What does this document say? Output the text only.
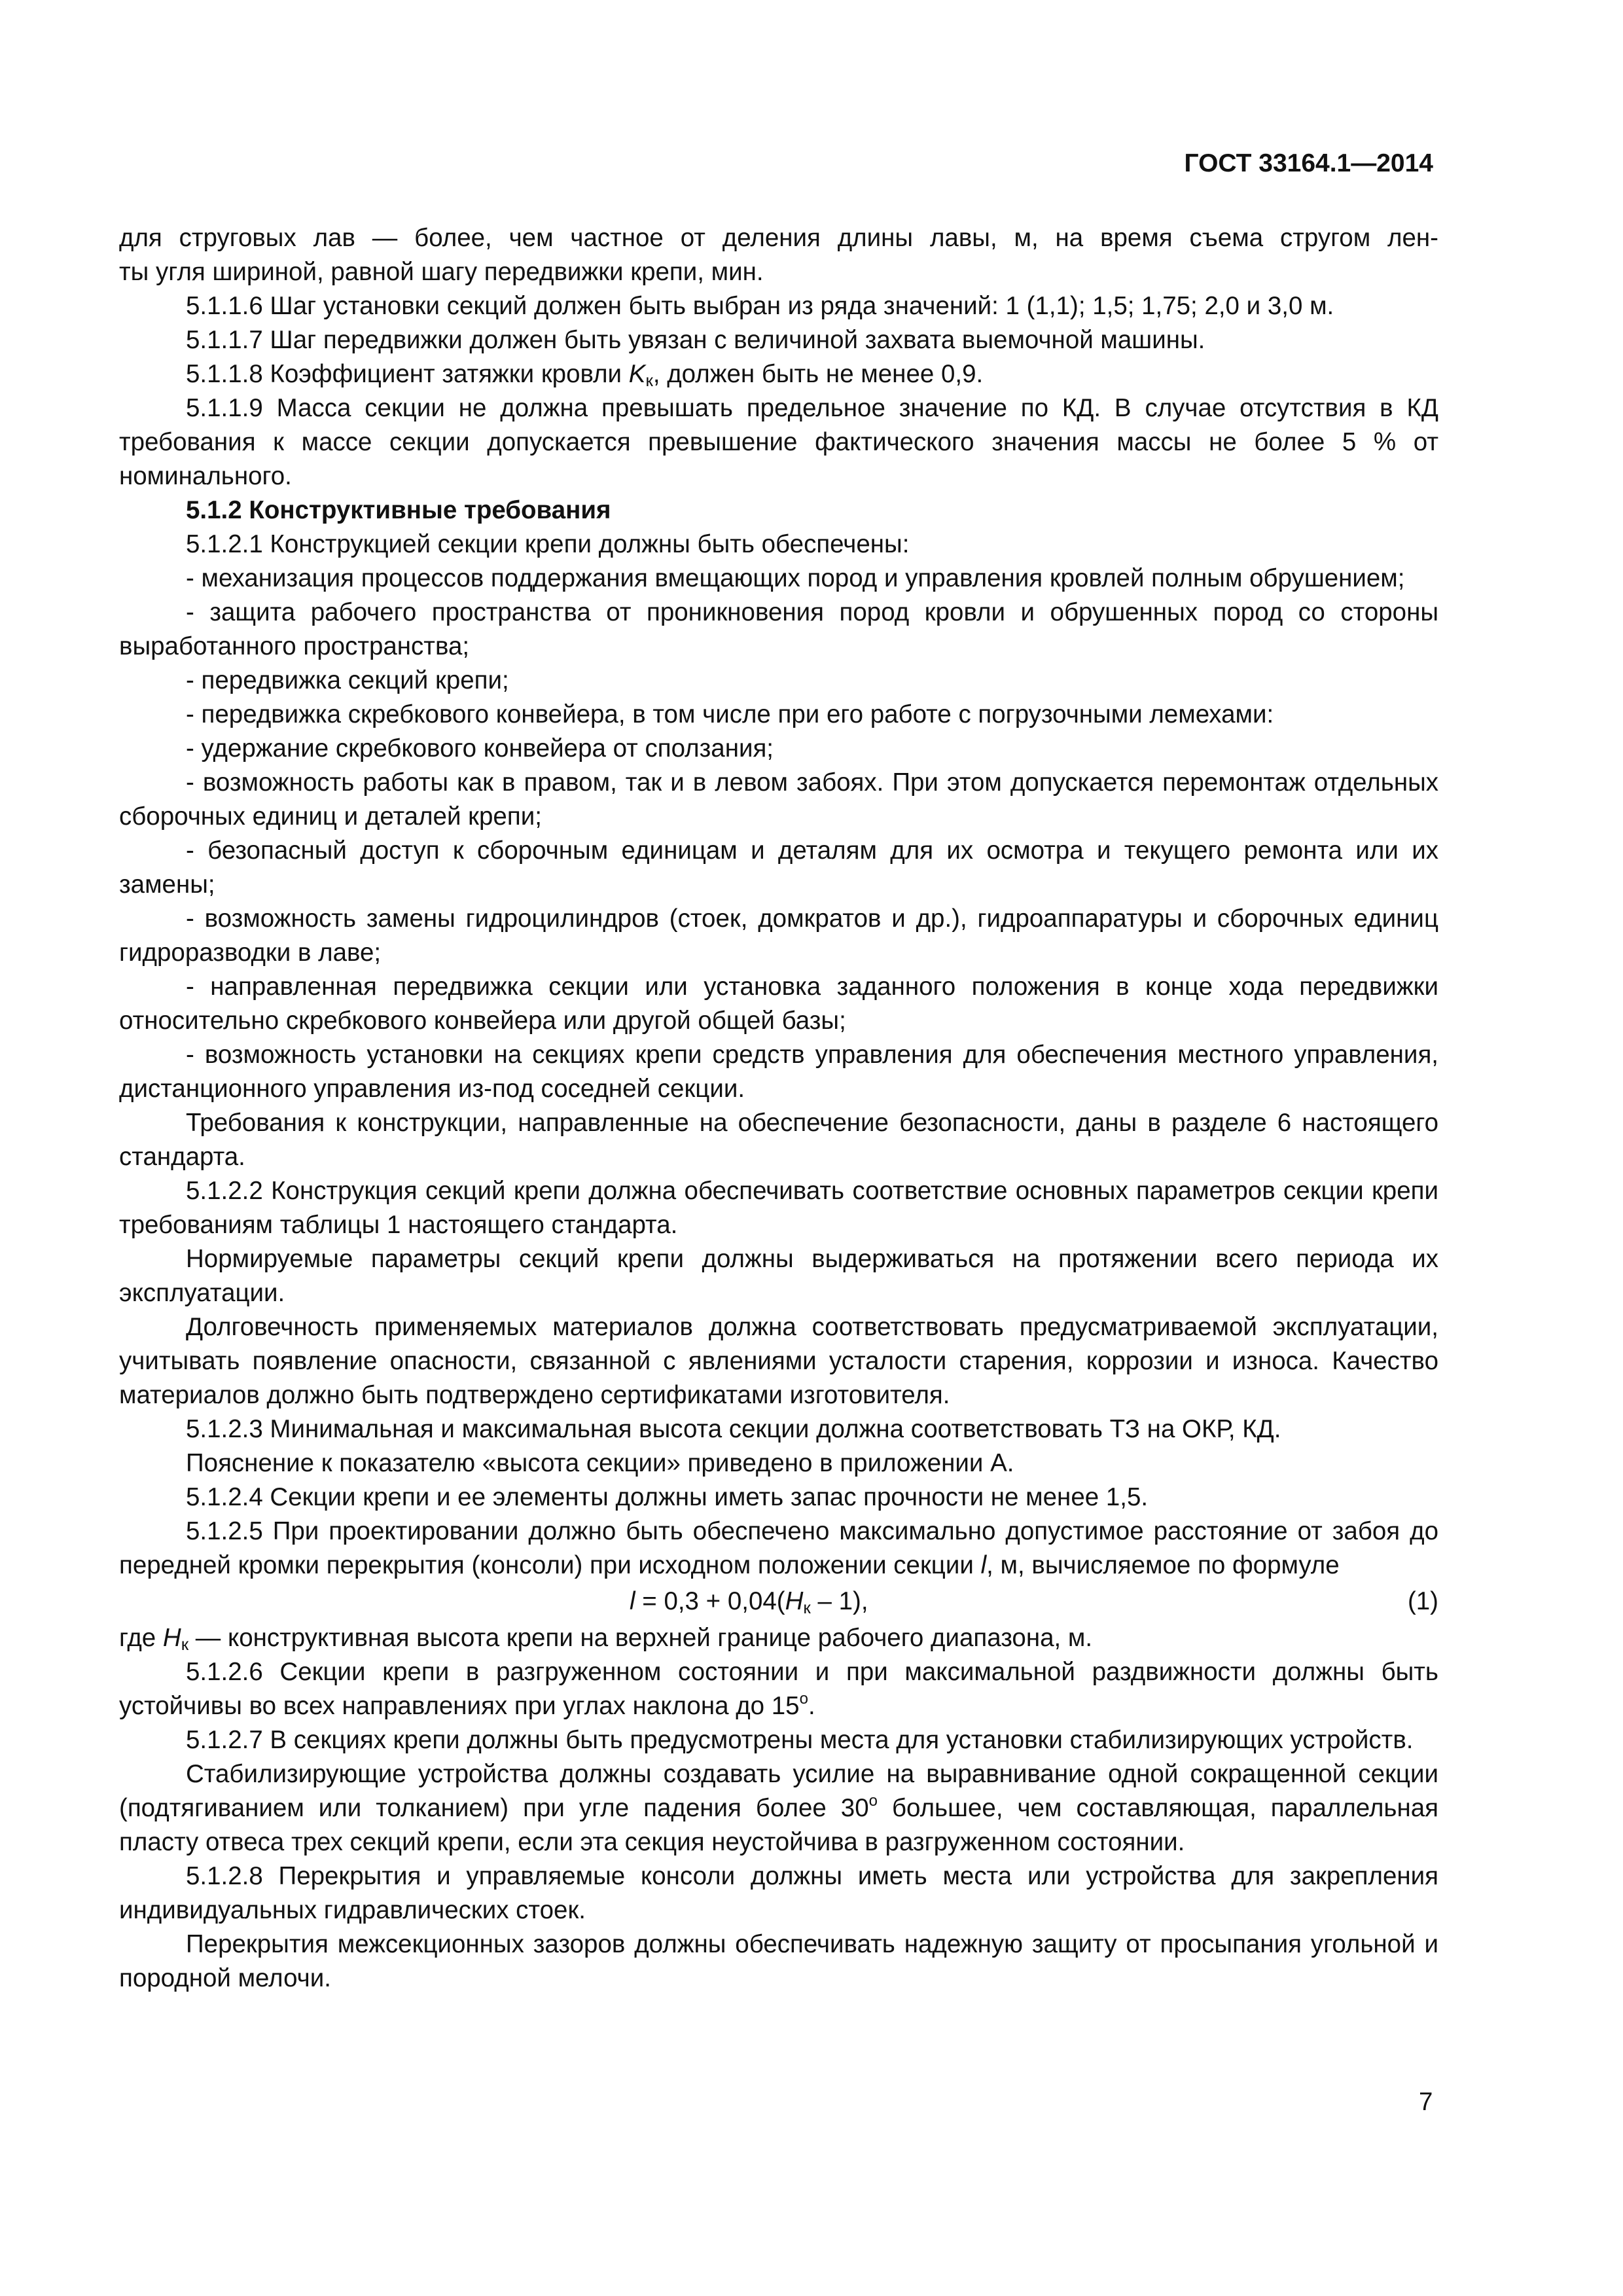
ГОСТ 33164.1—2014

для струговых лав — более, чем частное от деления длины лавы, м, на время съема стругом лен-

ты угля шириной, равной шагу передвижки крепи, мин.

5.1.1.6 Шаг установки секций должен быть выбран из ряда значений: 1 (1,1); 1,5; 1,75; 2,0 и 3,0 м.

5.1.1.7 Шаг передвижки должен быть увязан с величиной захвата выемочной машины.

5.1.1.8 Коэффициент затяжки кровли $K_к$, должен быть не менее 0,9.

5.1.1.9 Масса секции не должна превышать предельное значение по КД. В случае отсутствия в КД требования к массе секции допускается превышение фактического значения массы не более 5 % от номинального.

5.1.2 Конструктивные требования

5.1.2.1 Конструкцией секции крепи должны быть обеспечены:

- механизация процессов поддержания вмещающих пород и управления кровлей полным обрушением;

- защита рабочего пространства от проникновения пород кровли и обрушенных пород со стороны выработанного пространства;

- передвижка секций крепи;

- передвижка скребкового конвейера, в том числе при его работе с погрузочными лемехами:

- удержание скребкового конвейера от сползания;

- возможность работы как в правом, так и в левом забоях. При этом допускается перемонтаж отдельных сборочных единиц и деталей крепи;

- безопасный доступ к сборочным единицам и деталям для их осмотра и текущего ремонта или их замены;

- возможность замены гидроцилиндров (стоек, домкратов и др.), гидроаппаратуры и сборочных единиц гидроразводки в лаве;

- направленная передвижка секции или установка заданного положения в конце хода передвижки относительно скребкового конвейера или другой общей базы;

- возможность установки на секциях крепи средств управления для обеспечения местного управления, дистанционного управления из-под соседней секции.

Требования к конструкции, направленные на обеспечение безопасности, даны в разделе 6 настоящего стандарта.

5.1.2.2 Конструкция секций крепи должна обеспечивать соответствие основных параметров секции крепи требованиям таблицы 1 настоящего стандарта.

Нормируемые параметры секций крепи должны выдерживаться на протяжении всего периода их эксплуатации.

Долговечность применяемых материалов должна соответствовать предусматриваемой эксплуатации, учитывать появление опасности, связанной с явлениями усталости старения, коррозии и износа. Качество материалов должно быть подтверждено сертификатами изготовителя.

5.1.2.3 Минимальная и максимальная высота секции должна соответствовать ТЗ на ОКР, КД.

Пояснение к показателю «высота секции» приведено в приложении А.

5.1.2.4 Секции крепи и ее элементы должны иметь запас прочности не менее 1,5.

5.1.2.5 При проектировании должно быть обеспечено максимально допустимое расстояние от забоя до передней кромки перекрытия (консоли) при исходном положении секции l, м, вычисляемое по формуле

$l = 0,3 + 0,04(H_к - 1)$,	(1)

где $H_к$ — конструктивная высота крепи на верхней границе рабочего диапазона, м.

5.1.2.6 Секции крепи в разгруженном состоянии и при максимальной раздвижности должны быть устойчивы во всех направлениях при углах наклона до $15^о$.

5.1.2.7 В секциях крепи должны быть предусмотрены места для установки стабилизирующих устройств.

Стабилизирующие устройства должны создавать усилие на выравнивание одной сокращенной секции (подтягиванием или толканием) при угле падения более $30^о$ большее, чем составляющая, параллельная пласту отвеса трех секций крепи, если эта секция неустойчива в разгруженном состоянии.

5.1.2.8 Перекрытия и управляемые консоли должны иметь места или устройства для закрепления индивидуальных гидравлических стоек.

Перекрытия межсекционных зазоров должны обеспечивать надежную защиту от просыпания угольной и породной мелочи.

7
